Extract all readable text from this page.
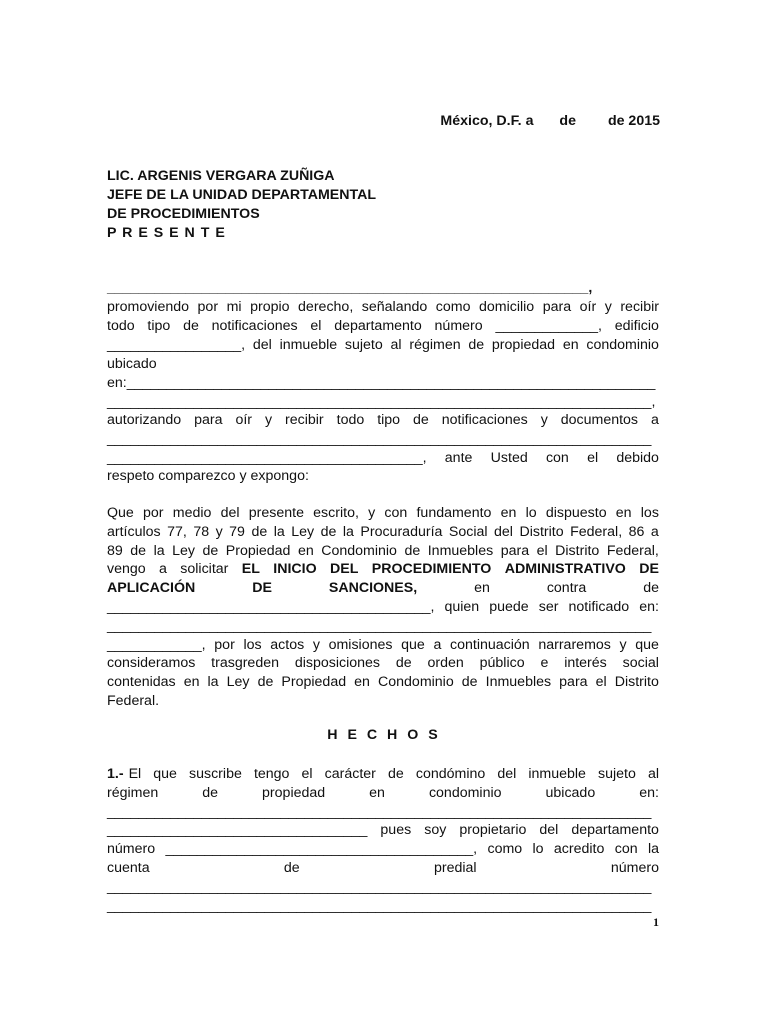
México, D.F. a de de 2015
LIC. ARGENIS VERGARA ZUÑIGA
JEFE DE LA UNIDAD DEPARTAMENTAL
DE PROCEDIMIENTOS
P R E S E N T E
_____________________________________________________________,
promoviendo por mi propio derecho, señalando como domicilio para oír y recibir
todo tipo de notificaciones el departamento número _____________, edificio
_________________, del inmueble sujeto al régimen de propiedad en condominio
ubicado
en:___________________________________________________________________
_____________________________________________________________________,
autorizando para oír y recibir todo tipo de notificaciones y documentos a
_____________________________________________________________________
________________________________________, ante Usted con el debido
respeto comparezco y expongo:
Que por medio del presente escrito, y con fundamento en lo dispuesto en los
artículos 77, 78 y 79 de la Ley de la Procuraduría Social del Distrito Federal, 86 a
89 de la Ley de Propiedad en Condominio de Inmuebles para el Distrito Federal,
vengo a solicitar EL INICIO DEL PROCEDIMIENTO ADMINISTRATIVO DE
APLICACIÓN	DE	SANCIONES,	en	contra	de
_________________________________________, quien puede ser notificado en:
_____________________________________________________________________
____________, por los actos y omisiones que a continuación narraremos y que
consideramos trasgreden disposiciones de orden público e interés social
contenidas en la Ley de Propiedad en Condominio de Inmuebles para el Distrito
Federal.
H E C H O S
1.- El que suscribe tengo el carácter de condómino del inmueble sujeto al
régimen	de	propiedad	en	condominio	ubicado	en:
_____________________________________________________________________
_________________________________ pues soy propietario del departamento
número _______________________________________, como lo acredito con la
cuenta	de	predial	número
_____________________________________________________________________
_____________________________________________________________________
1
